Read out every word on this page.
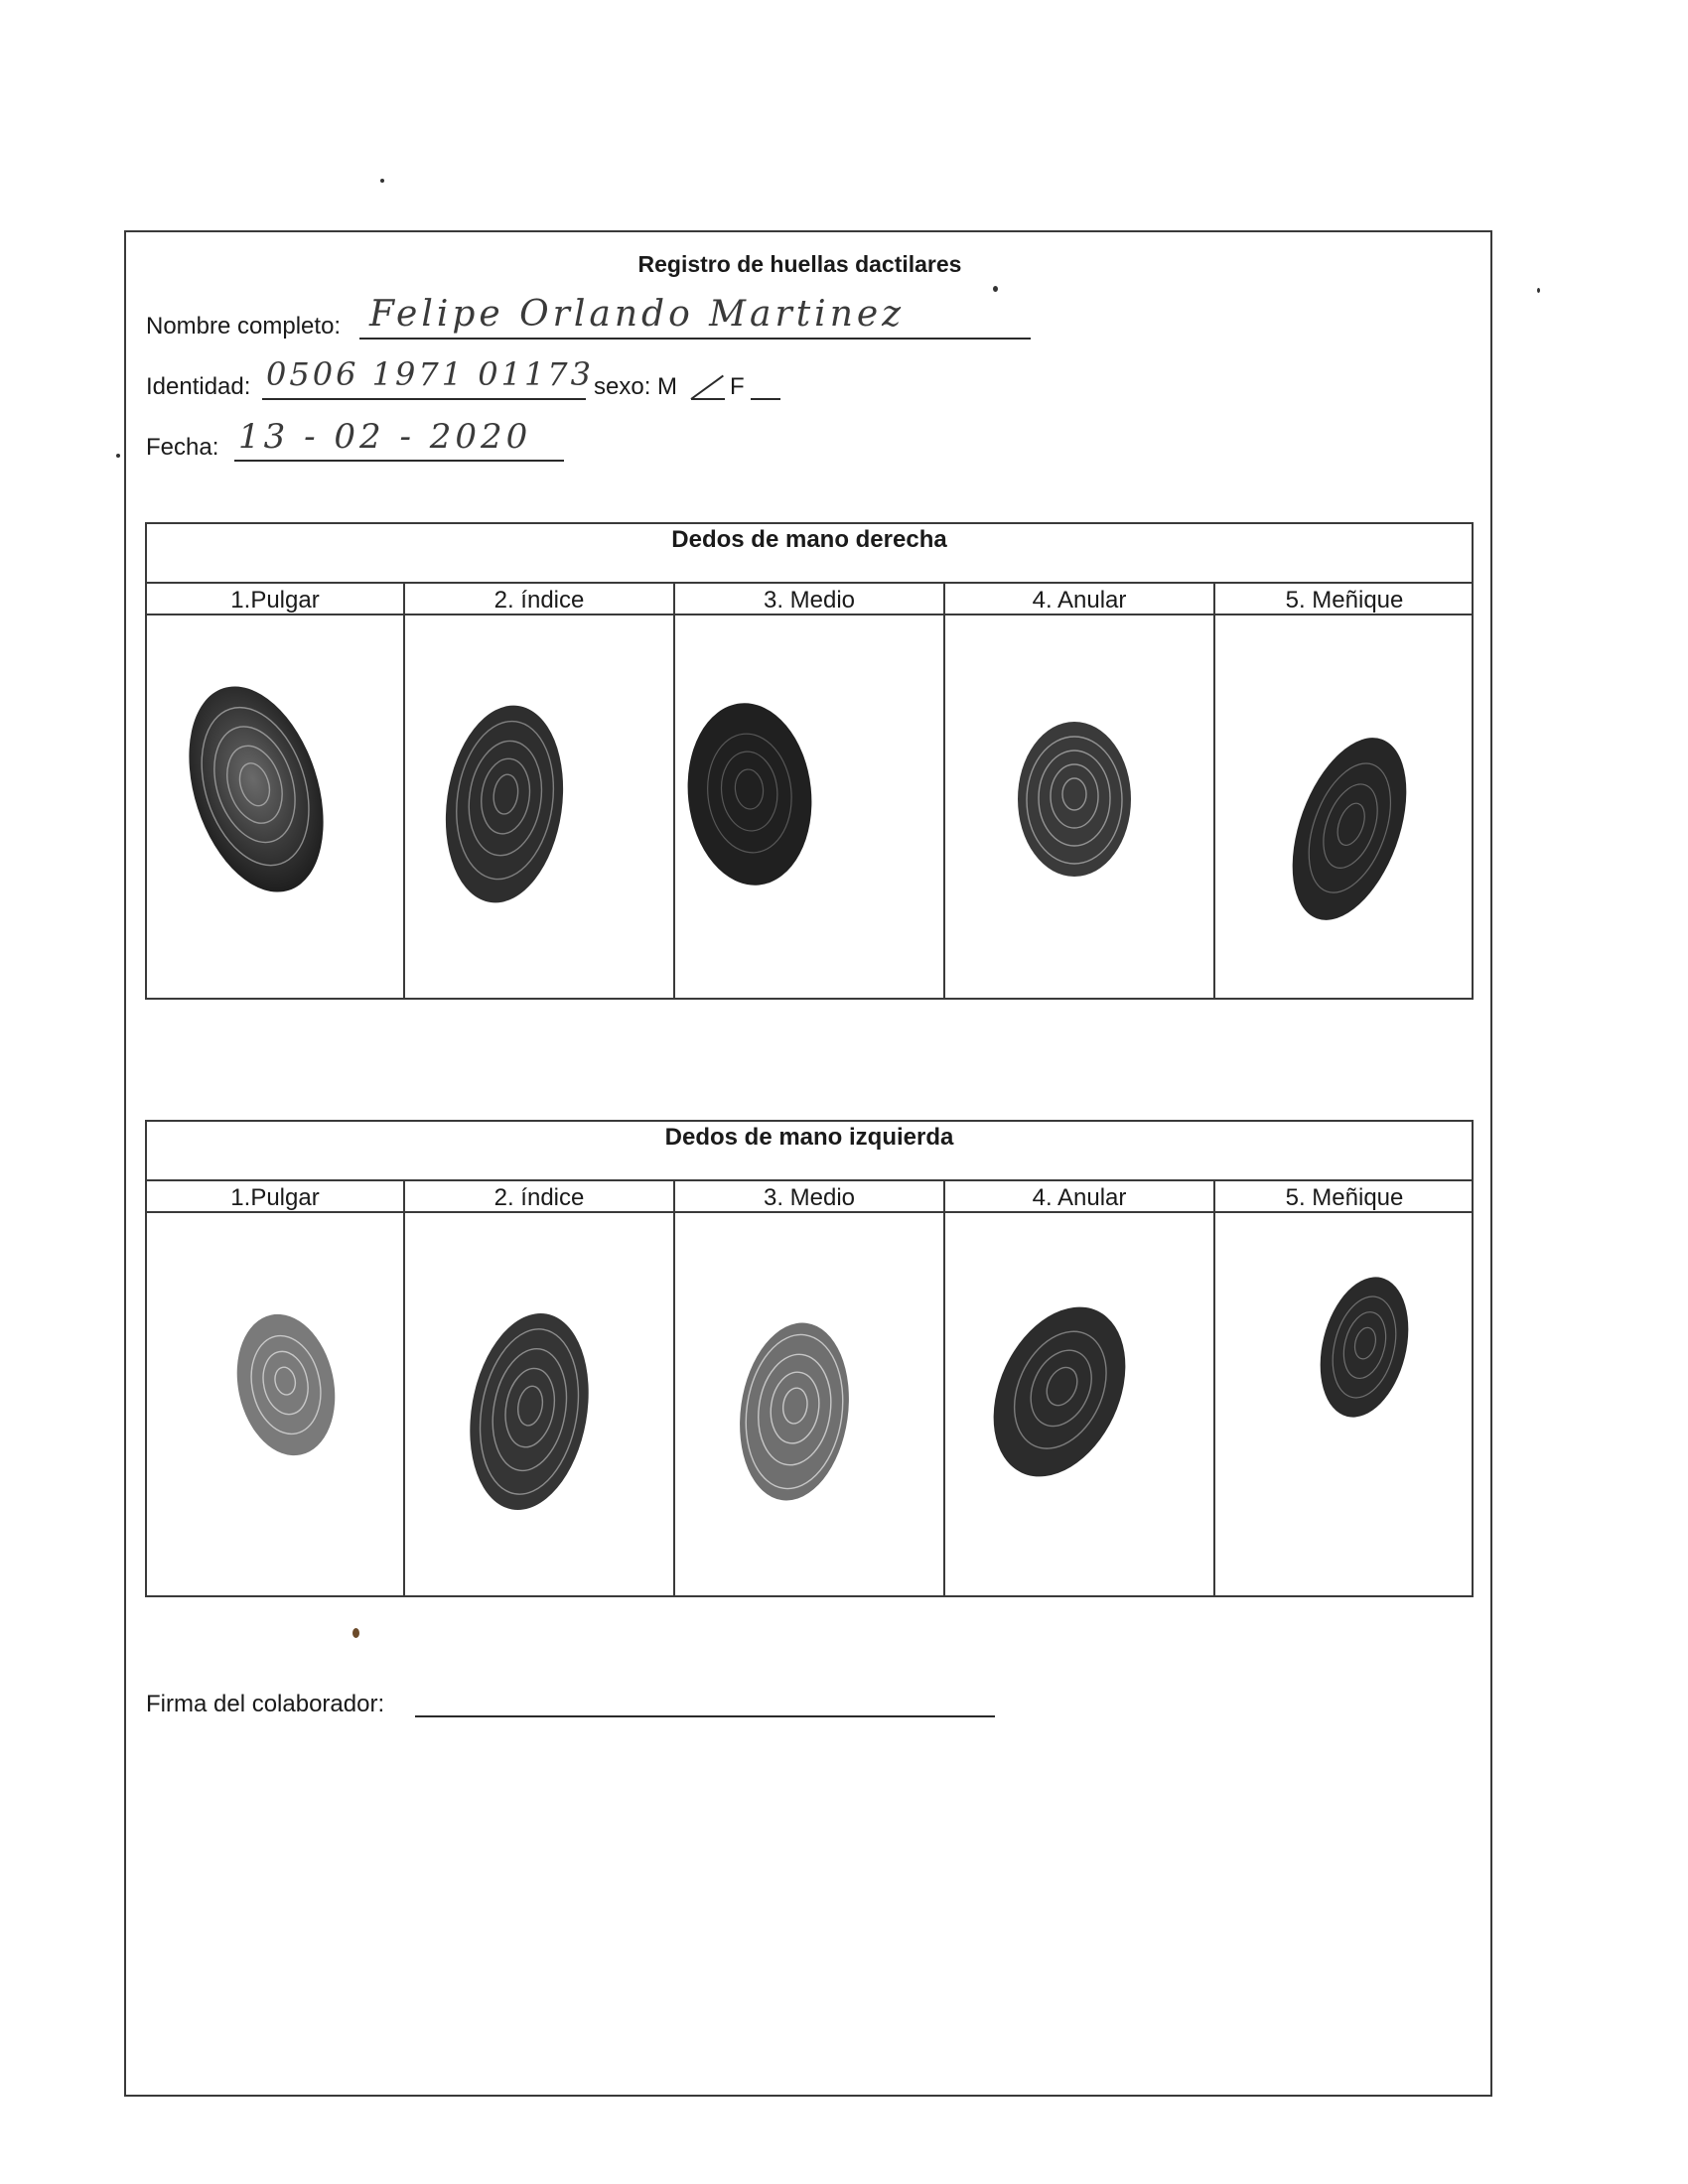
Registro de huellas dactilares
Nombre completo: Felipe Orlando Martinez
Identidad: 0506 1971 01173 sexo: M F
Fecha: 13 - 02 - 2020
Dedos de mano derecha
1.Pulgar	2. índice	3. Medio	4. Anular	5. Meñique
Dedos de mano izquierda
1.Pulgar	2. índice	3. Medio	4. Anular	5. Meñique
Firma del colaborador:
